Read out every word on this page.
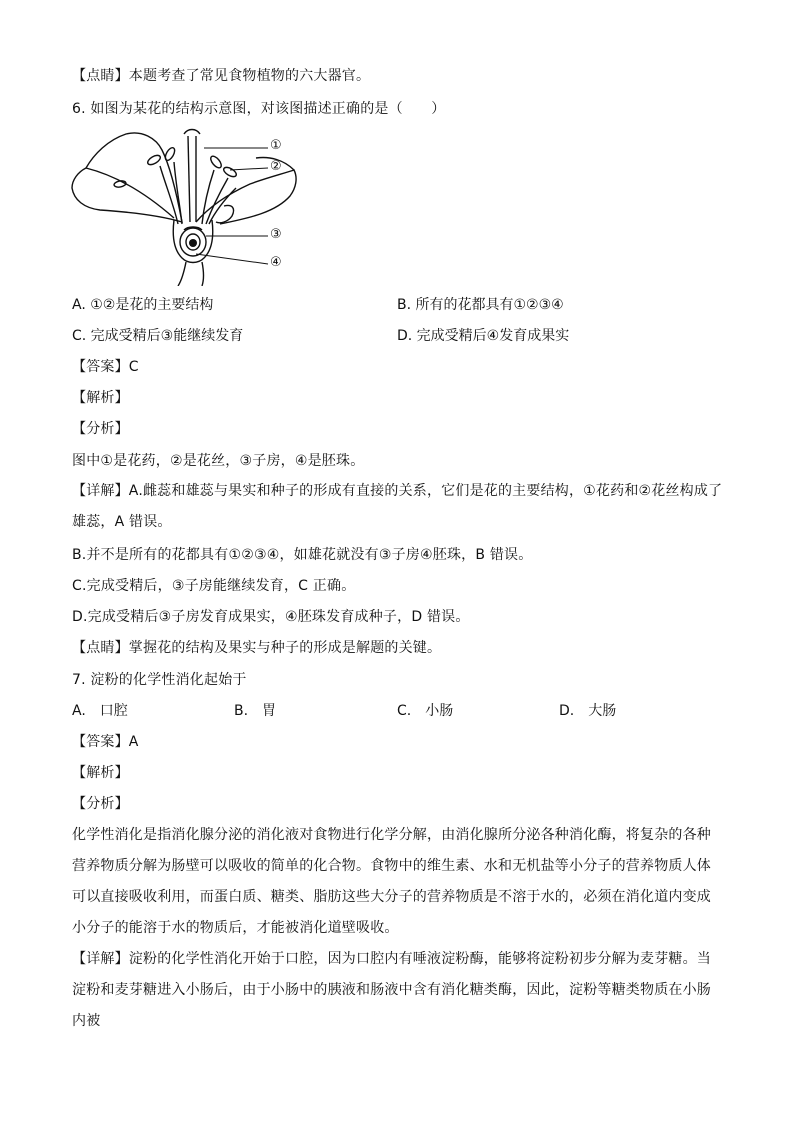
【点睛】本题考查了常见食物植物的六大器官。
6. 如图为某花的结构示意图，对该图描述正确的是（　　）
①
②
③
④
A. ①②是花的主要结构	B. 所有的花都具有①②③④
C. 完成受精后③能继续发育	D. 完成受精后④发育成果实
【答案】C
【解析】
【分析】
图中①是花药，②是花丝，③子房，④是胚珠。
【详解】A.雌蕊和雄蕊与果实和种子的形成有直接的关系，它们是花的主要结构，①花药和②花丝构成了雄蕊，A 错误。
B.并不是所有的花都具有①②③④，如雄花就没有③子房④胚珠，B 错误。
C.完成受精后，③子房能继续发育，C 正确。
D.完成受精后③子房发育成果实，④胚珠发育成种子，D 错误。
【点睛】掌握花的结构及果实与种子的形成是解题的关键。
7. 淀粉的化学性消化起始于
A.　口腔	B.　胃	C.　小肠	D.　大肠
【答案】A
【解析】
【分析】
化学性消化是指消化腺分泌的消化液对食物进行化学分解，由消化腺所分泌各种消化酶，将复杂的各种营养物质分解为肠壁可以吸收的简单的化合物。食物中的维生素、水和无机盐等小分子的营养物质人体可以直接吸收利用，而蛋白质、糖类、脂肪这些大分子的营养物质是不溶于水的，必须在消化道内变成小分子的能溶于水的物质后，才能被消化道壁吸收。
【详解】淀粉的化学性消化开始于口腔，因为口腔内有唾液淀粉酶，能够将淀粉初步分解为麦芽糖。当淀粉和麦芽糖进入小肠后，由于小肠中的胰液和肠液中含有消化糖类酶，因此，淀粉等糖类物质在小肠内被
